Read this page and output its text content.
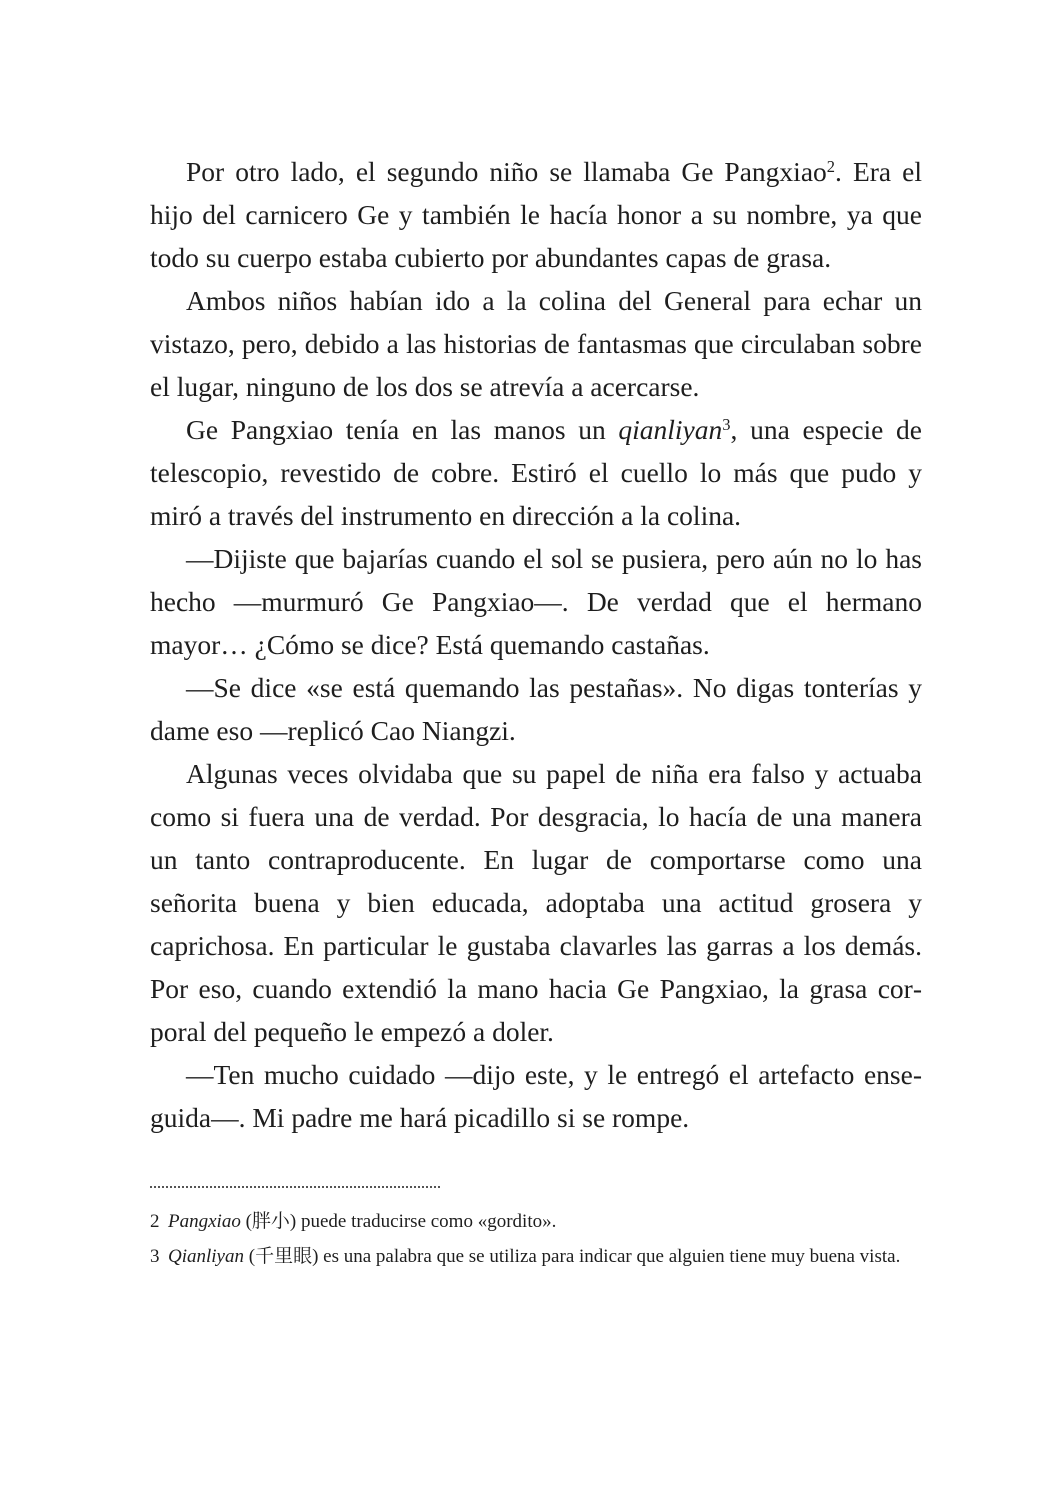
Por otro lado, el segundo niño se llamaba Ge Pangxiao$^2$. Era el hijo del carnicero Ge y también le hacía honor a su nombre, ya que todo su cuerpo estaba cubierto por abundantes capas de grasa.

Ambos niños habían ido a la colina del General para echar un vistazo, pero, debido a las historias de fantasmas que circulaban sobre el lugar, ninguno de los dos se atrevía a acercarse.

Ge Pangxiao tenía en las manos un qianliyan$^3$, una especie de telescopio, revestido de cobre. Estiró el cuello lo más que pudo y miró a través del instrumento en dirección a la colina.

—Dijiste que bajarías cuando el sol se pusiera, pero aún no lo has hecho —murmuró Ge Pangxiao—. De verdad que el hermano mayor… ¿Cómo se dice? Está quemando castañas.

—Se dice «se está quemando las pestañas». No digas tonterías y dame eso —replicó Cao Niangzi.

Algunas veces olvidaba que su papel de niña era falso y actuaba como si fuera una de verdad. Por desgracia, lo hacía de una manera un tanto contraproducente. En lugar de comportarse como una señorita buena y bien educada, adoptaba una actitud grosera y caprichosa. En particular le gustaba clavarles las garras a los demás. Por eso, cuando extendió la mano hacia Ge Pangxiao, la grasa corporal del pequeño le empezó a doler.

—Ten mucho cuidado —dijo este, y le entregó el artefacto enseguida—. Mi padre me hará picadillo si se rompe.

2 Pangxiao (胖小) puede traducirse como «gordito».

3 Qianliyan (千里眼) es una palabra que se utiliza para indicar que alguien tiene muy buena vista.
